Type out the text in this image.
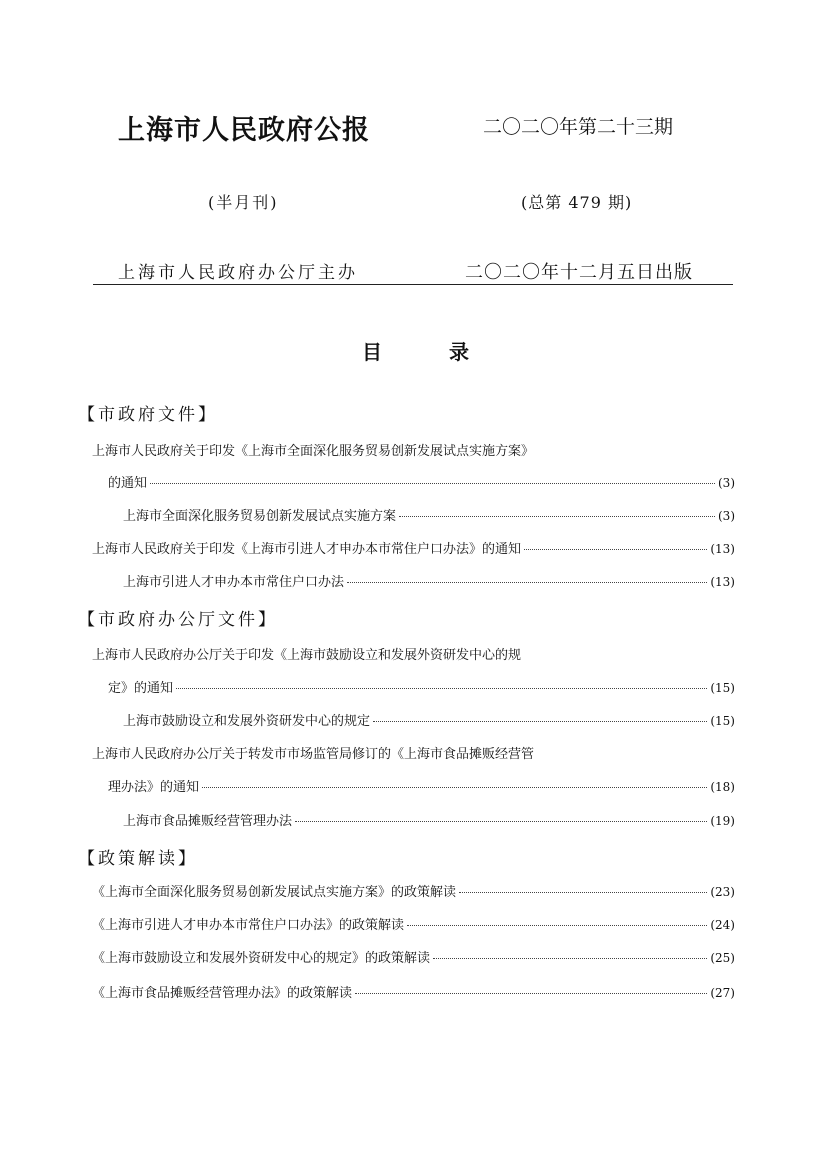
上海市人民政府公报	二〇二〇年第二十三期
(半月刊)	(总第 479 期)
上海市人民政府办公厅主办	二〇二〇年十二月五日出版
目	录
【市政府文件】
上海市人民政府关于印发《上海市全面深化服务贸易创新发展试点实施方案》
的通知	(3)
上海市全面深化服务贸易创新发展试点实施方案	(3)
上海市人民政府关于印发《上海市引进人才申办本市常住户口办法》的通知	(13)
上海市引进人才申办本市常住户口办法	(13)
【市政府办公厅文件】
上海市人民政府办公厅关于印发《上海市鼓励设立和发展外资研发中心的规
定》的通知	(15)
上海市鼓励设立和发展外资研发中心的规定	(15)
上海市人民政府办公厅关于转发市市场监管局修订的《上海市食品摊贩经营管
理办法》的通知	(18)
上海市食品摊贩经营管理办法	(19)
【政策解读】
《上海市全面深化服务贸易创新发展试点实施方案》的政策解读	(23)
《上海市引进人才申办本市常住户口办法》的政策解读	(24)
《上海市鼓励设立和发展外资研发中心的规定》的政策解读	(25)
《上海市食品摊贩经营管理办法》的政策解读	(27)
